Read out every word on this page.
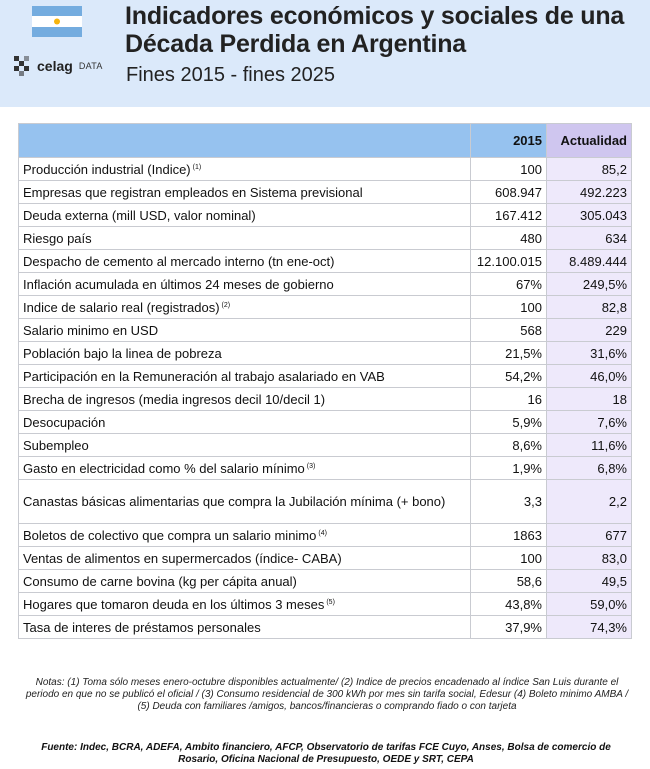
Indicadores económicos y sociales de una Década Perdida en Argentina
Fines 2015 - fines 2025
celag DATA
	2015	Actualidad
Producción industrial (Indice) $^{(1)}$	100	85,2
Empresas que registran empleados en Sistema previsional	608.947	492.223
Deuda externa (mill USD, valor nominal)	167.412	305.043
Riesgo país	480	634
Despacho de cemento al mercado interno (tn ene-oct)	12.100.015	8.489.444
Inflación acumulada en últimos 24 meses de gobierno	67%	249,5%
Indice de salario real (registrados) $^{(2)}$	100	82,8
Salario minimo en USD	568	229
Población bajo la linea de pobreza	21,5%	31,6%
Participación en la Remuneración al trabajo asalariado en VAB	54,2%	46,0%
Brecha de ingresos (media ingresos decil 10/decil 1)	16	18
Desocupación	5,9%	7,6%
Subempleo	8,6%	11,6%
Gasto en electricidad como % del salario mínimo $^{(3)}$	1,9%	6,8%
Canastas básicas alimentarias que compra la Jubilación mínima (+ bono)	3,3	2,2
Boletos de colectivo que compra un salario minimo $^{(4)}$	1863	677
Ventas de alimentos en supermercados (índice- CABA)	100	83,0
Consumo de carne bovina (kg per cápita anual)	58,6	49,5
Hogares que tomaron deuda en los últimos 3 meses $^{(5)}$	43,8%	59,0%
Tasa de interes de préstamos personales	37,9%	74,3%
Notas: (1) Toma sólo meses enero-octubre disponibles actualmente/ (2) Indice de precios encadenado al índice San Luis durante el periodo en que no se publicó el oficial / (3) Consumo residencial de 300 kWh por mes sin tarifa social, Edesur (4) Boleto minimo AMBA / (5) Deuda con familiares /amigos, bancos/financieras o comprando fiado o con tarjeta
Fuente: Indec, BCRA, ADEFA, Ambito financiero, AFCP, Observatorio de tarifas FCE Cuyo, Anses, Bolsa de comercio de Rosario, Oficina Nacional de Presupuesto, OEDE y SRT, CEPA
